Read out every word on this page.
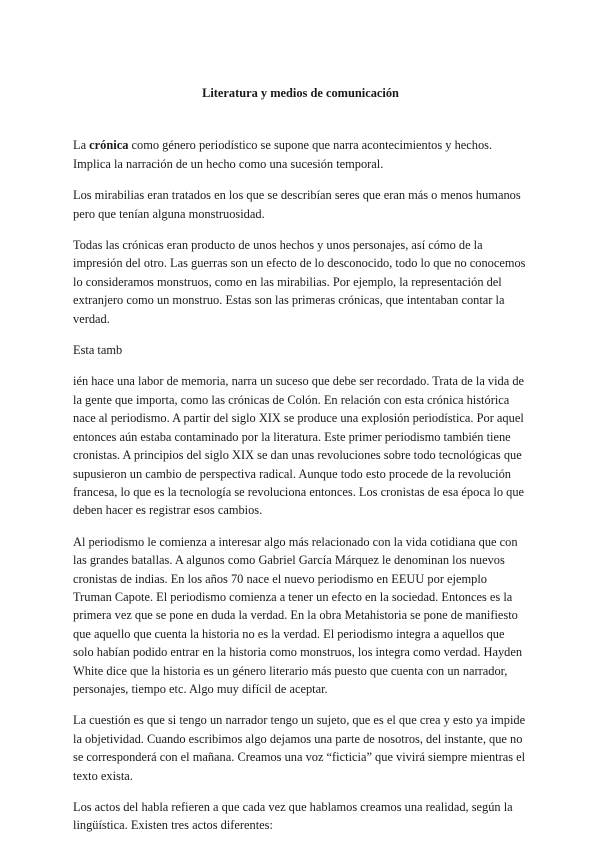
Literatura y medios de comunicación

La crónica como género periodístico se supone que narra acontecimientos y hechos. Implica la narración de un hecho como una sucesión temporal.

Los mirabilias eran tratados en los que se describían seres que eran más o menos humanos pero que tenían alguna monstruosidad.

Todas las crónicas eran producto de unos hechos y unos personajes, así cómo de la impresión del otro. Las guerras son un efecto de lo desconocido, todo lo que no conocemos lo consideramos monstruos, como en las mirabilias. Por ejemplo, la representación del extranjero como un monstruo. Estas son las primeras crónicas, que intentaban contar la verdad.

Esta tamb

ién hace una labor de memoria, narra un suceso que debe ser recordado. Trata de la vida de la gente que importa, como las crónicas de Colón. En relación con esta crónica histórica nace al periodismo. A partir del siglo XIX se produce una explosión periodística. Por aquel entonces aún estaba contaminado por la literatura. Este primer periodismo también tiene cronistas. A principios del siglo XIX se dan unas revoluciones sobre todo tecnológicas que supusieron un cambio de perspectiva radical. Aunque todo esto procede de la revolución francesa, lo que es la tecnología se revoluciona entonces. Los cronistas de esa época lo que deben hacer es registrar esos cambios.

Al periodismo le comienza a interesar algo más relacionado con la vida cotidiana que con las grandes batallas. A algunos como Gabriel García Márquez le denominan los nuevos cronistas de indias. En los años 70 nace el nuevo periodismo en EEUU por ejemplo Truman Capote. El periodismo comienza a tener un efecto en la sociedad. Entonces es la primera vez que se pone en duda la verdad. En la obra Metahistoria se pone de manifiesto que aquello que cuenta la historia no es la verdad. El periodismo integra a aquellos que solo habían podido entrar en la historia como monstruos, los integra como verdad. Hayden White dice que la historia es un género literario más puesto que cuenta con un narrador, personajes, tiempo etc. Algo muy difícil de aceptar.

La cuestión es que si tengo un narrador tengo un sujeto, que es el que crea y esto ya impide la objetividad. Cuando escribimos algo dejamos una parte de nosotros, del instante, que no se corresponderá con el mañana. Creamos una voz “ficticia” que vivirá siempre mientras el texto exista.

Los actos del habla refieren a que cada vez que hablamos creamos una realidad, según la lingüística. Existen tres actos diferentes:
